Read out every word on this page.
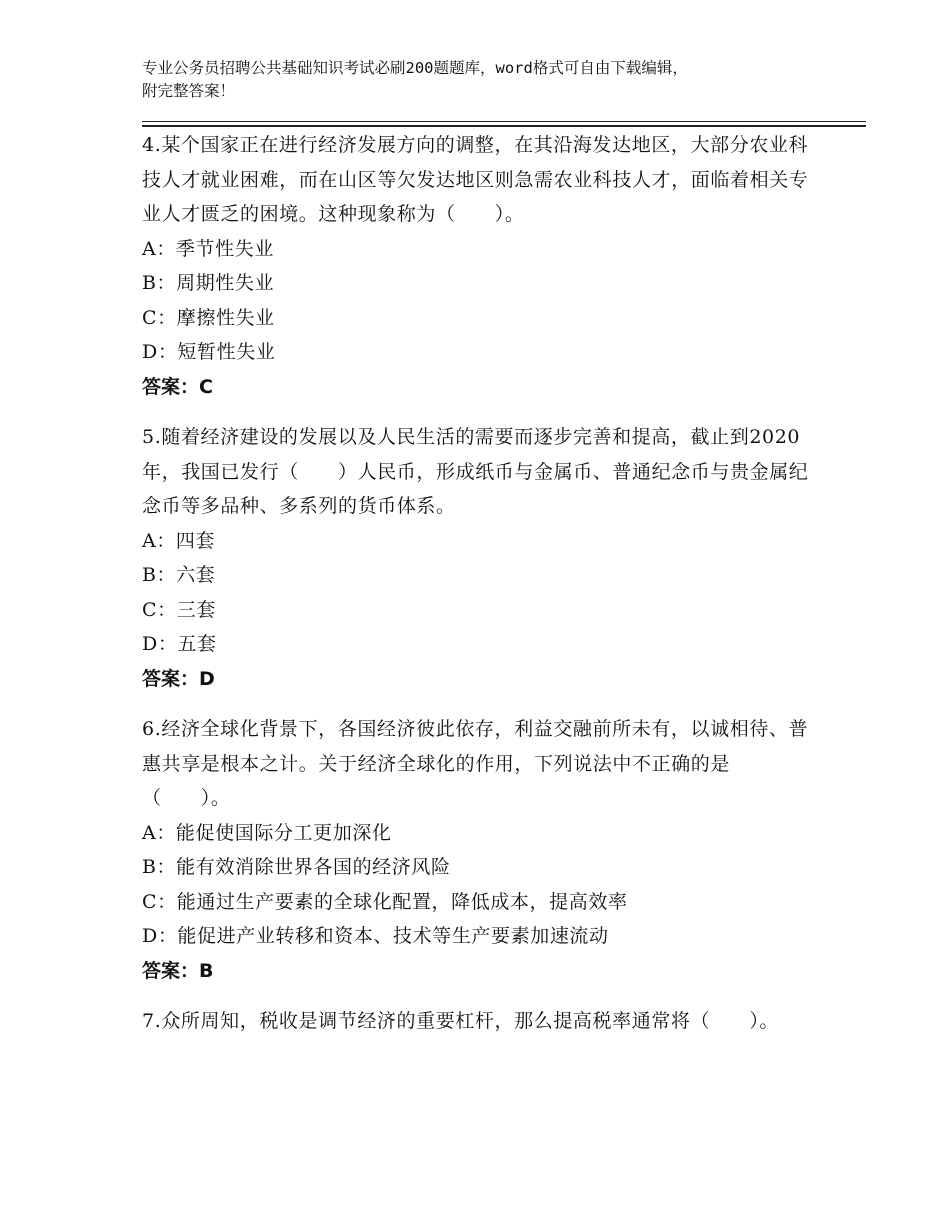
专业公务员招聘公共基础知识考试必刷200题题库，word格式可自由下载编辑，
附完整答案！

4.某个国家正在进行经济发展方向的调整，在其沿海发达地区，大部分农业科技人才就业困难，而在山区等欠发达地区则急需农业科技人才，面临着相关专业人才匮乏的困境。这种现象称为（　　）。

A：季节性失业

B：周期性失业

C：摩擦性失业

D：短暂性失业

答案：C

5.随着经济建设的发展以及人民生活的需要而逐步完善和提高，截止到2020年，我国已发行（　　）人民币，形成纸币与金属币、普通纪念币与贵金属纪念币等多品种、多系列的货币体系。

A：四套

B：六套

C：三套

D：五套

答案：D

6.经济全球化背景下，各国经济彼此依存，利益交融前所未有，以诚相待、普惠共享是根本之计。关于经济全球化的作用，下列说法中不正确的是（　　）。

A：能促使国际分工更加深化

B：能有效消除世界各国的经济风险

C：能通过生产要素的全球化配置，降低成本，提高效率

D：能促进产业转移和资本、技术等生产要素加速流动

答案：B

7.众所周知，税收是调节经济的重要杠杆，那么提高税率通常将（　　）。
